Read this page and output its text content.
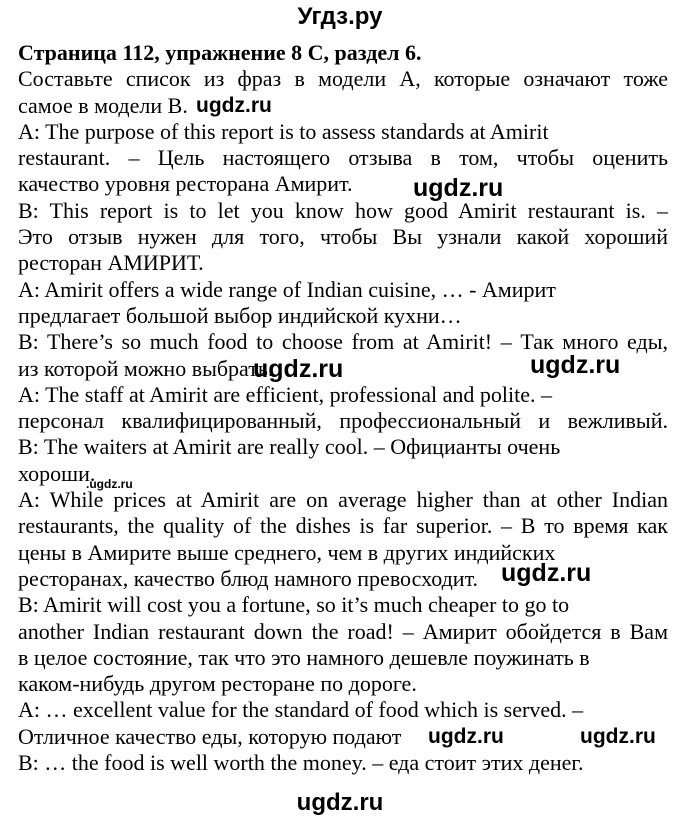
Угдз.ру
Страница 112, упражнение 8 C, раздел 6.
Составьте список из фраз в модели А, которые означают тоже
самое в модели В. ugdz.ru
A: The purpose of this report is to assess standards at Amirit
restaurant. – Цель настоящего отзыва в том, чтобы оценить
качество уровня ресторана Амирит. ugdz.ru
B: This report is to let you know how good Amirit restaurant is. –
Это отзыв нужен для того, чтобы Вы узнали какой хороший
ресторан АМИРИТ.
A: Amirit offers a wide range of Indian cuisine, … - Амирит
предлагает большой выбор индийской кухни…
B: There’s so much food to choose from at Amirit! – Так много еды,
из которой можно выбрать.
ugdz.ru	ugdz.ru
A: The staff at Amirit are efficient, professional and polite. –
персонал квалифицированный, профессиональный и вежливый.
B: The waiters at Amirit are really cool. – Официанты очень
хороши.
.ugdz.ru
A: While prices at Amirit are on average higher than at other Indian
restaurants, the quality of the dishes is far superior. – В то время как
цены в Амирите выше среднего, чем в других индийских
ресторанах, качество блюд намного превосходит. ugdz.ru
B: Amirit will cost you a fortune, so it’s much cheaper to go to
another Indian restaurant down the road! – Амирит обойдется в Вам
в целое состояние, так что это намного дешевле поужинать в
каком-нибудь другом ресторане по дороге.
A: … excellent value for the standard of food which is served. –
Отличное качество еды, которую подают ugdz.ru	ugdz.ru
B: … the food is well worth the money. – еда стоит этих денег.
ugdz.ru
